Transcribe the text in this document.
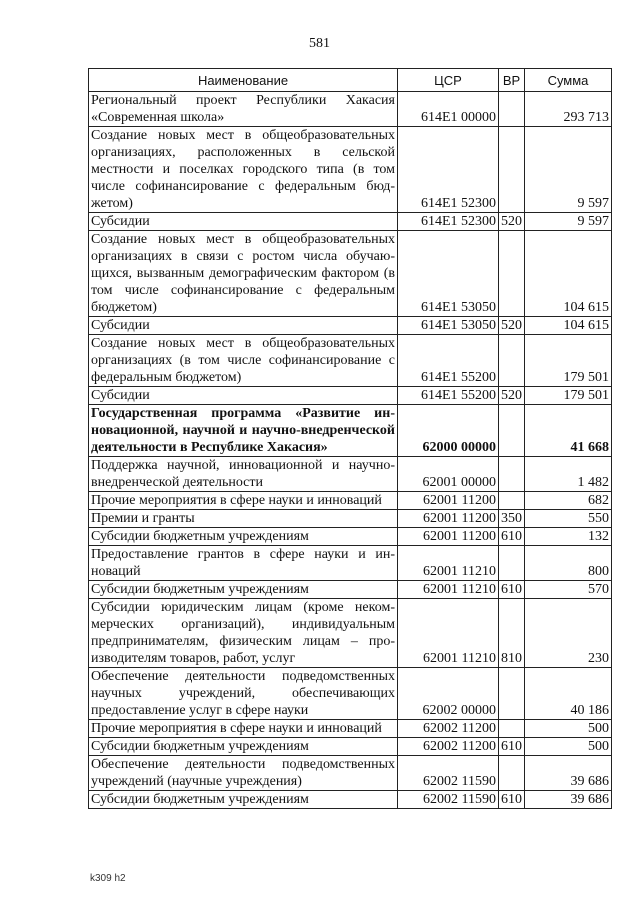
581
Наименование	ЦСР	ВР	Сумма
Региональный проект Республики Хакасия «Современная школа»	614Е1 00000		293 713
Создание новых мест в общеобразовательных организациях, расположенных в сельской местности и поселках городского типа (в том числе софинансирование с федеральным бюджетом)	614Е1 52300		9 597
Субсидии	614Е1 52300	520	9 597
Создание новых мест в общеобразовательных организациях в связи с ростом числа обучающихся, вызванным демографическим фактором (в том числе софинансирование с федеральным бюджетом)	614Е1 53050		104 615
Субсидии	614Е1 53050	520	104 615
Создание новых мест в общеобразовательных организациях (в том числе софинансирование с федеральным бюджетом)	614Е1 55200		179 501
Субсидии	614Е1 55200	520	179 501
Государственная программа «Развитие инновационной, научной и научно-внедренческой деятельности в Республике Хакасия»	62000 00000		41 668
Поддержка научной, инновационной и научно-внедренческой деятельности	62001 00000		1 482
Прочие мероприятия в сфере науки и инноваций	62001 11200		682
Премии и гранты	62001 11200	350	550
Субсидии бюджетным учреждениям	62001 11200	610	132
Предоставление грантов в сфере науки и инноваций	62001 11210		800
Субсидии бюджетным учреждениям	62001 11210	610	570
Субсидии юридическим лицам (кроме некоммерческих организаций), индивидуальным предпринимателям, физическим лицам – производителям товаров, работ, услуг	62001 11210	810	230
Обеспечение деятельности подведомственных научных учреждений, обеспечивающих предоставление услуг в сфере науки	62002 00000		40 186
Прочие мероприятия в сфере науки и инноваций	62002 11200		500
Субсидии бюджетным учреждениям	62002 11200	610	500
Обеспечение деятельности подведомственных учреждений (научные учреждения)	62002 11590		39 686
Субсидии бюджетным учреждениям	62002 11590	610	39 686
k309 h2
